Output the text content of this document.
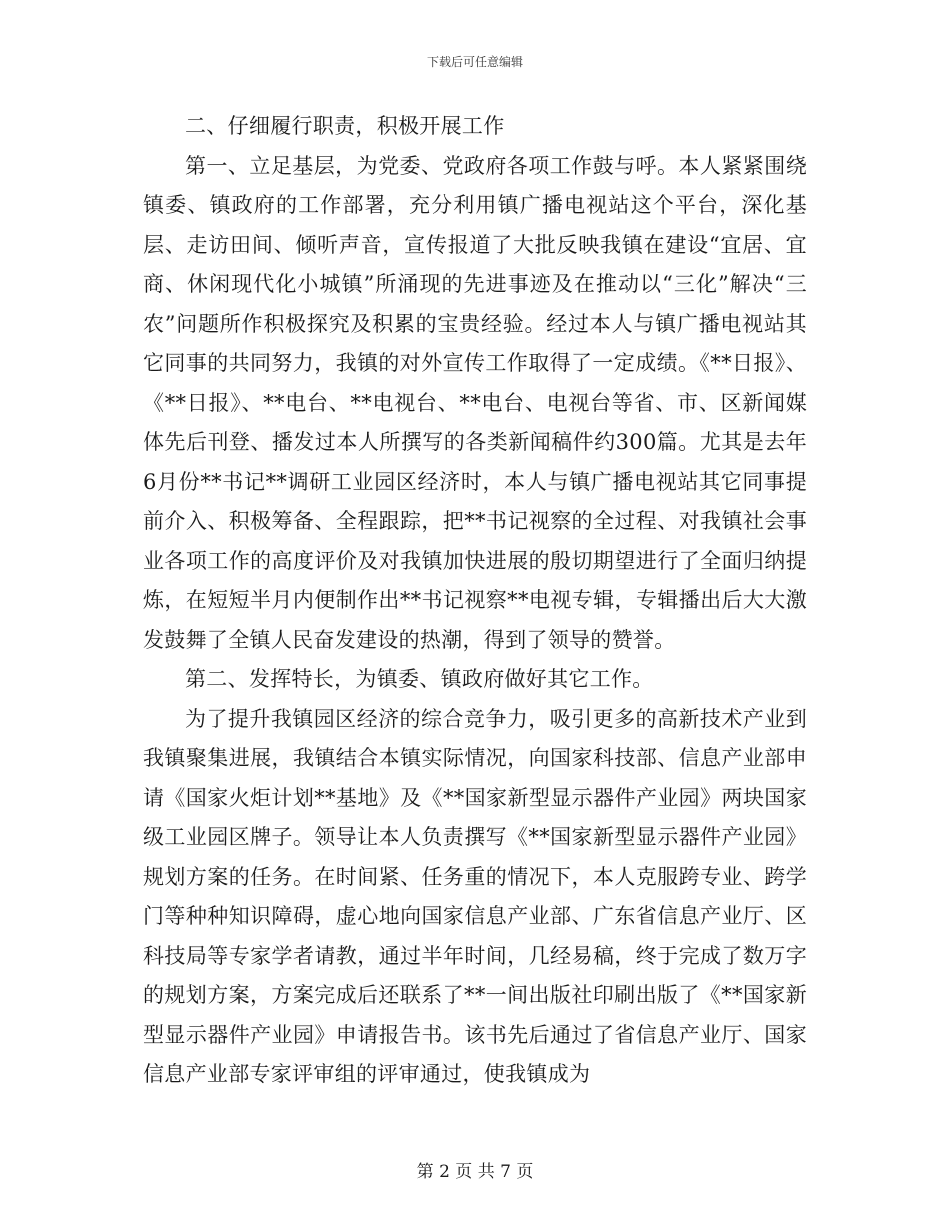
下载后可任意编辑

二、仔细履行职责，积极开展工作

第一、立足基层，为党委、党政府各项工作鼓与呼。本人紧紧围绕镇委、镇政府的工作部署，充分利用镇广播电视站这个平台，深化基层、走访田间、倾听声音，宣传报道了大批反映我镇在建设“宜居、宜商、休闲现代化小城镇”所涌现的先进事迹及在推动以“三化”解决“三农”问题所作积极探究及积累的宝贵经验。经过本人与镇广播电视站其它同事的共同努力，我镇的对外宣传工作取得了一定成绩。《**日报》、《**日报》、**电台、**电视台、**电台、电视台等省、市、区新闻媒体先后刊登、播发过本人所撰写的各类新闻稿件约300篇。尤其是去年6月份**书记**调研工业园区经济时，本人与镇广播电视站其它同事提前介入、积极筹备、全程跟踪，把**书记视察的全过程、对我镇社会事业各项工作的高度评价及对我镇加快进展的殷切期望进行了全面归纳提炼，在短短半月内便制作出**书记视察**电视专辑，专辑播出后大大激发鼓舞了全镇人民奋发建设的热潮，得到了领导的赞誉。

第二、发挥特长，为镇委、镇政府做好其它工作。

为了提升我镇园区经济的综合竞争力，吸引更多的高新技术产业到我镇聚集进展，我镇结合本镇实际情况，向国家科技部、信息产业部申请《国家火炬计划**基地》及《**国家新型显示器件产业园》两块国家级工业园区牌子。领导让本人负责撰写《**国家新型显示器件产业园》规划方案的任务。在时间紧、任务重的情况下，本人克服跨专业、跨学门等种种知识障碍，虚心地向国家信息产业部、广东省信息产业厅、区科技局等专家学者请教，通过半年时间，几经易稿，终于完成了数万字的规划方案，方案完成后还联系了**一间出版社印刷出版了《**国家新型显示器件产业园》申请报告书。该书先后通过了省信息产业厅、国家信息产业部专家评审组的评审通过，使我镇成为

第 2 页 共 7 页
